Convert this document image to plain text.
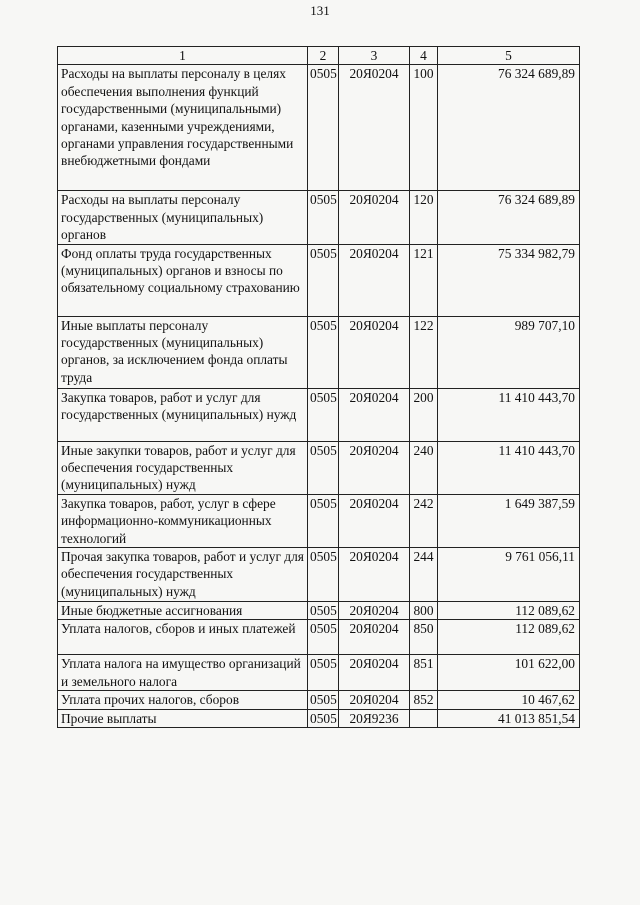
131
1	2	3	4	5
Расходы на выплаты персоналу в целях обеспечения выполнения функций государственными (муниципальными) органами, казенными учреждениями, органами управления государственными внебюджетными фондами	0505	20Я0204	100	76 324 689,89
Расходы на выплаты персоналу государственных (муниципальных) органов	0505	20Я0204	120	76 324 689,89
Фонд оплаты труда государственных (муниципальных) органов и взносы по обязательному социальному страхованию	0505	20Я0204	121	75 334 982,79
Иные выплаты персоналу государственных (муниципальных) органов, за исключением фонда оплаты труда	0505	20Я0204	122	989 707,10
Закупка товаров, работ и услуг для государственных (муниципальных) нужд	0505	20Я0204	200	11 410 443,70
Иные закупки товаров, работ и услуг для обеспечения государственных (муниципальных) нужд	0505	20Я0204	240	11 410 443,70
Закупка товаров, работ, услуг в сфере информационно-коммуникационных технологий	0505	20Я0204	242	1 649 387,59
Прочая закупка товаров, работ и услуг для обеспечения государственных (муниципальных) нужд	0505	20Я0204	244	9 761 056,11
Иные бюджетные ассигнования	0505	20Я0204	800	112 089,62
Уплата налогов, сборов и иных платежей	0505	20Я0204	850	112 089,62
Уплата налога на имущество организаций и земельного налога	0505	20Я0204	851	101 622,00
Уплата прочих налогов, сборов	0505	20Я0204	852	10 467,62
Прочие выплаты	0505	20Я9236		41 013 851,54
